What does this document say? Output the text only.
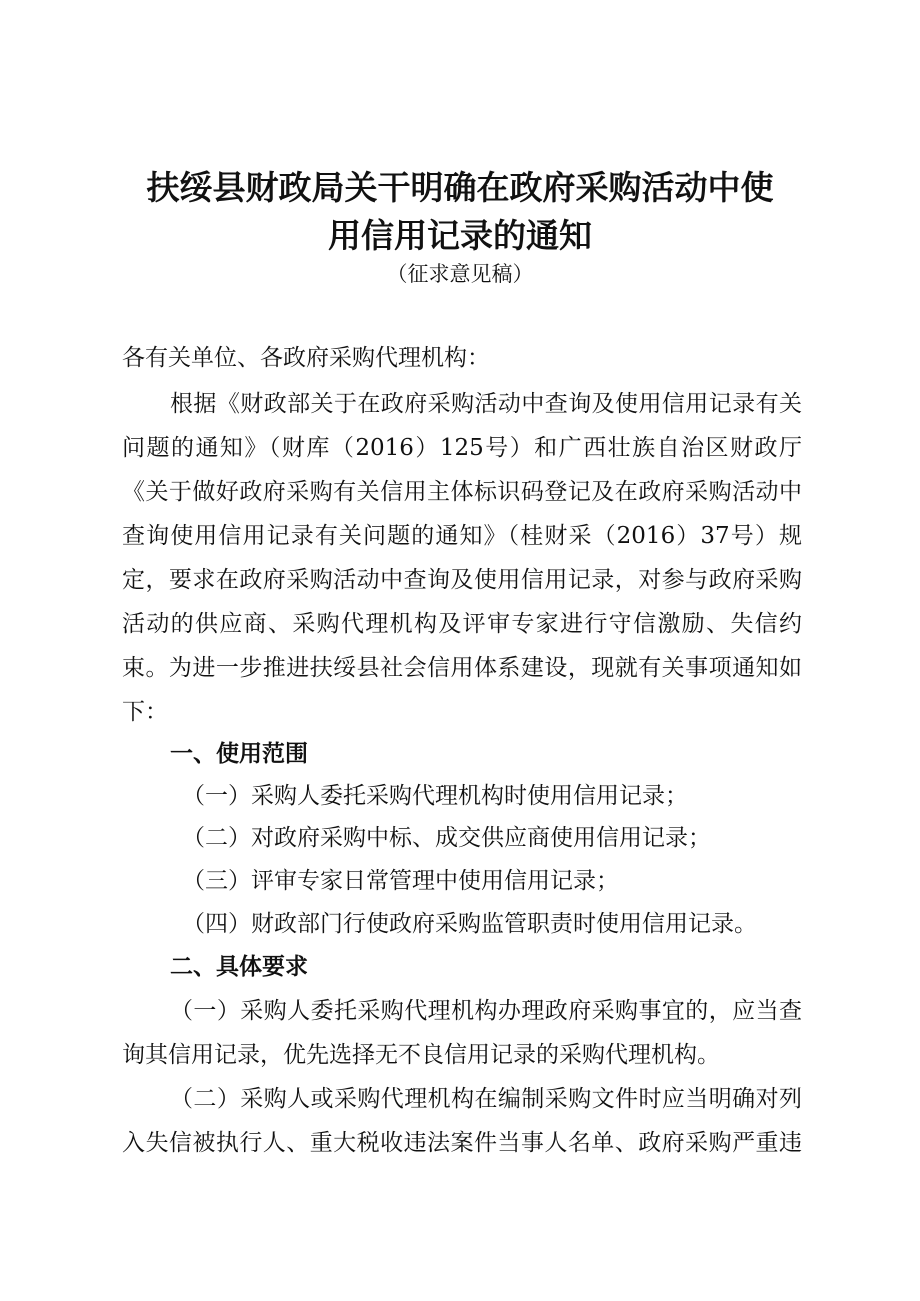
扶绥县财政局关干明确在政府采购活动中使
用信用记录的通知
（征求意见稿）
各有关单位、各政府采购代理机构：
根据《财政部关于在政府采购活动中查询及使用信用记录有关
问题的通知》（财库（2016）125号）和广西壮族自治区财政厅
《关于做好政府采购有关信用主体标识码登记及在政府采购活动中
查询使用信用记录有关问题的通知》（桂财采（2016）37号）规
定，要求在政府采购活动中查询及使用信用记录，对参与政府采购
活动的供应商、采购代理机构及评审专家进行守信激励、失信约
束。为进一步推进扶绥县社会信用体系建设，现就有关事项通知如
下：
一、使用范围
（一）采购人委托采购代理机构时使用信用记录；
（二）对政府采购中标、成交供应商使用信用记录；
（三）评审专家日常管理中使用信用记录；
（四）财政部门行使政府采购监管职责时使用信用记录。
二、具体要求
（一）采购人委托采购代理机构办理政府采购事宜的，应当查
询其信用记录，优先选择无不良信用记录的采购代理机构。
（二）采购人或采购代理机构在编制采购文件时应当明确对列
入失信被执行人、重大税收违法案件当事人名单、政府采购严重违
